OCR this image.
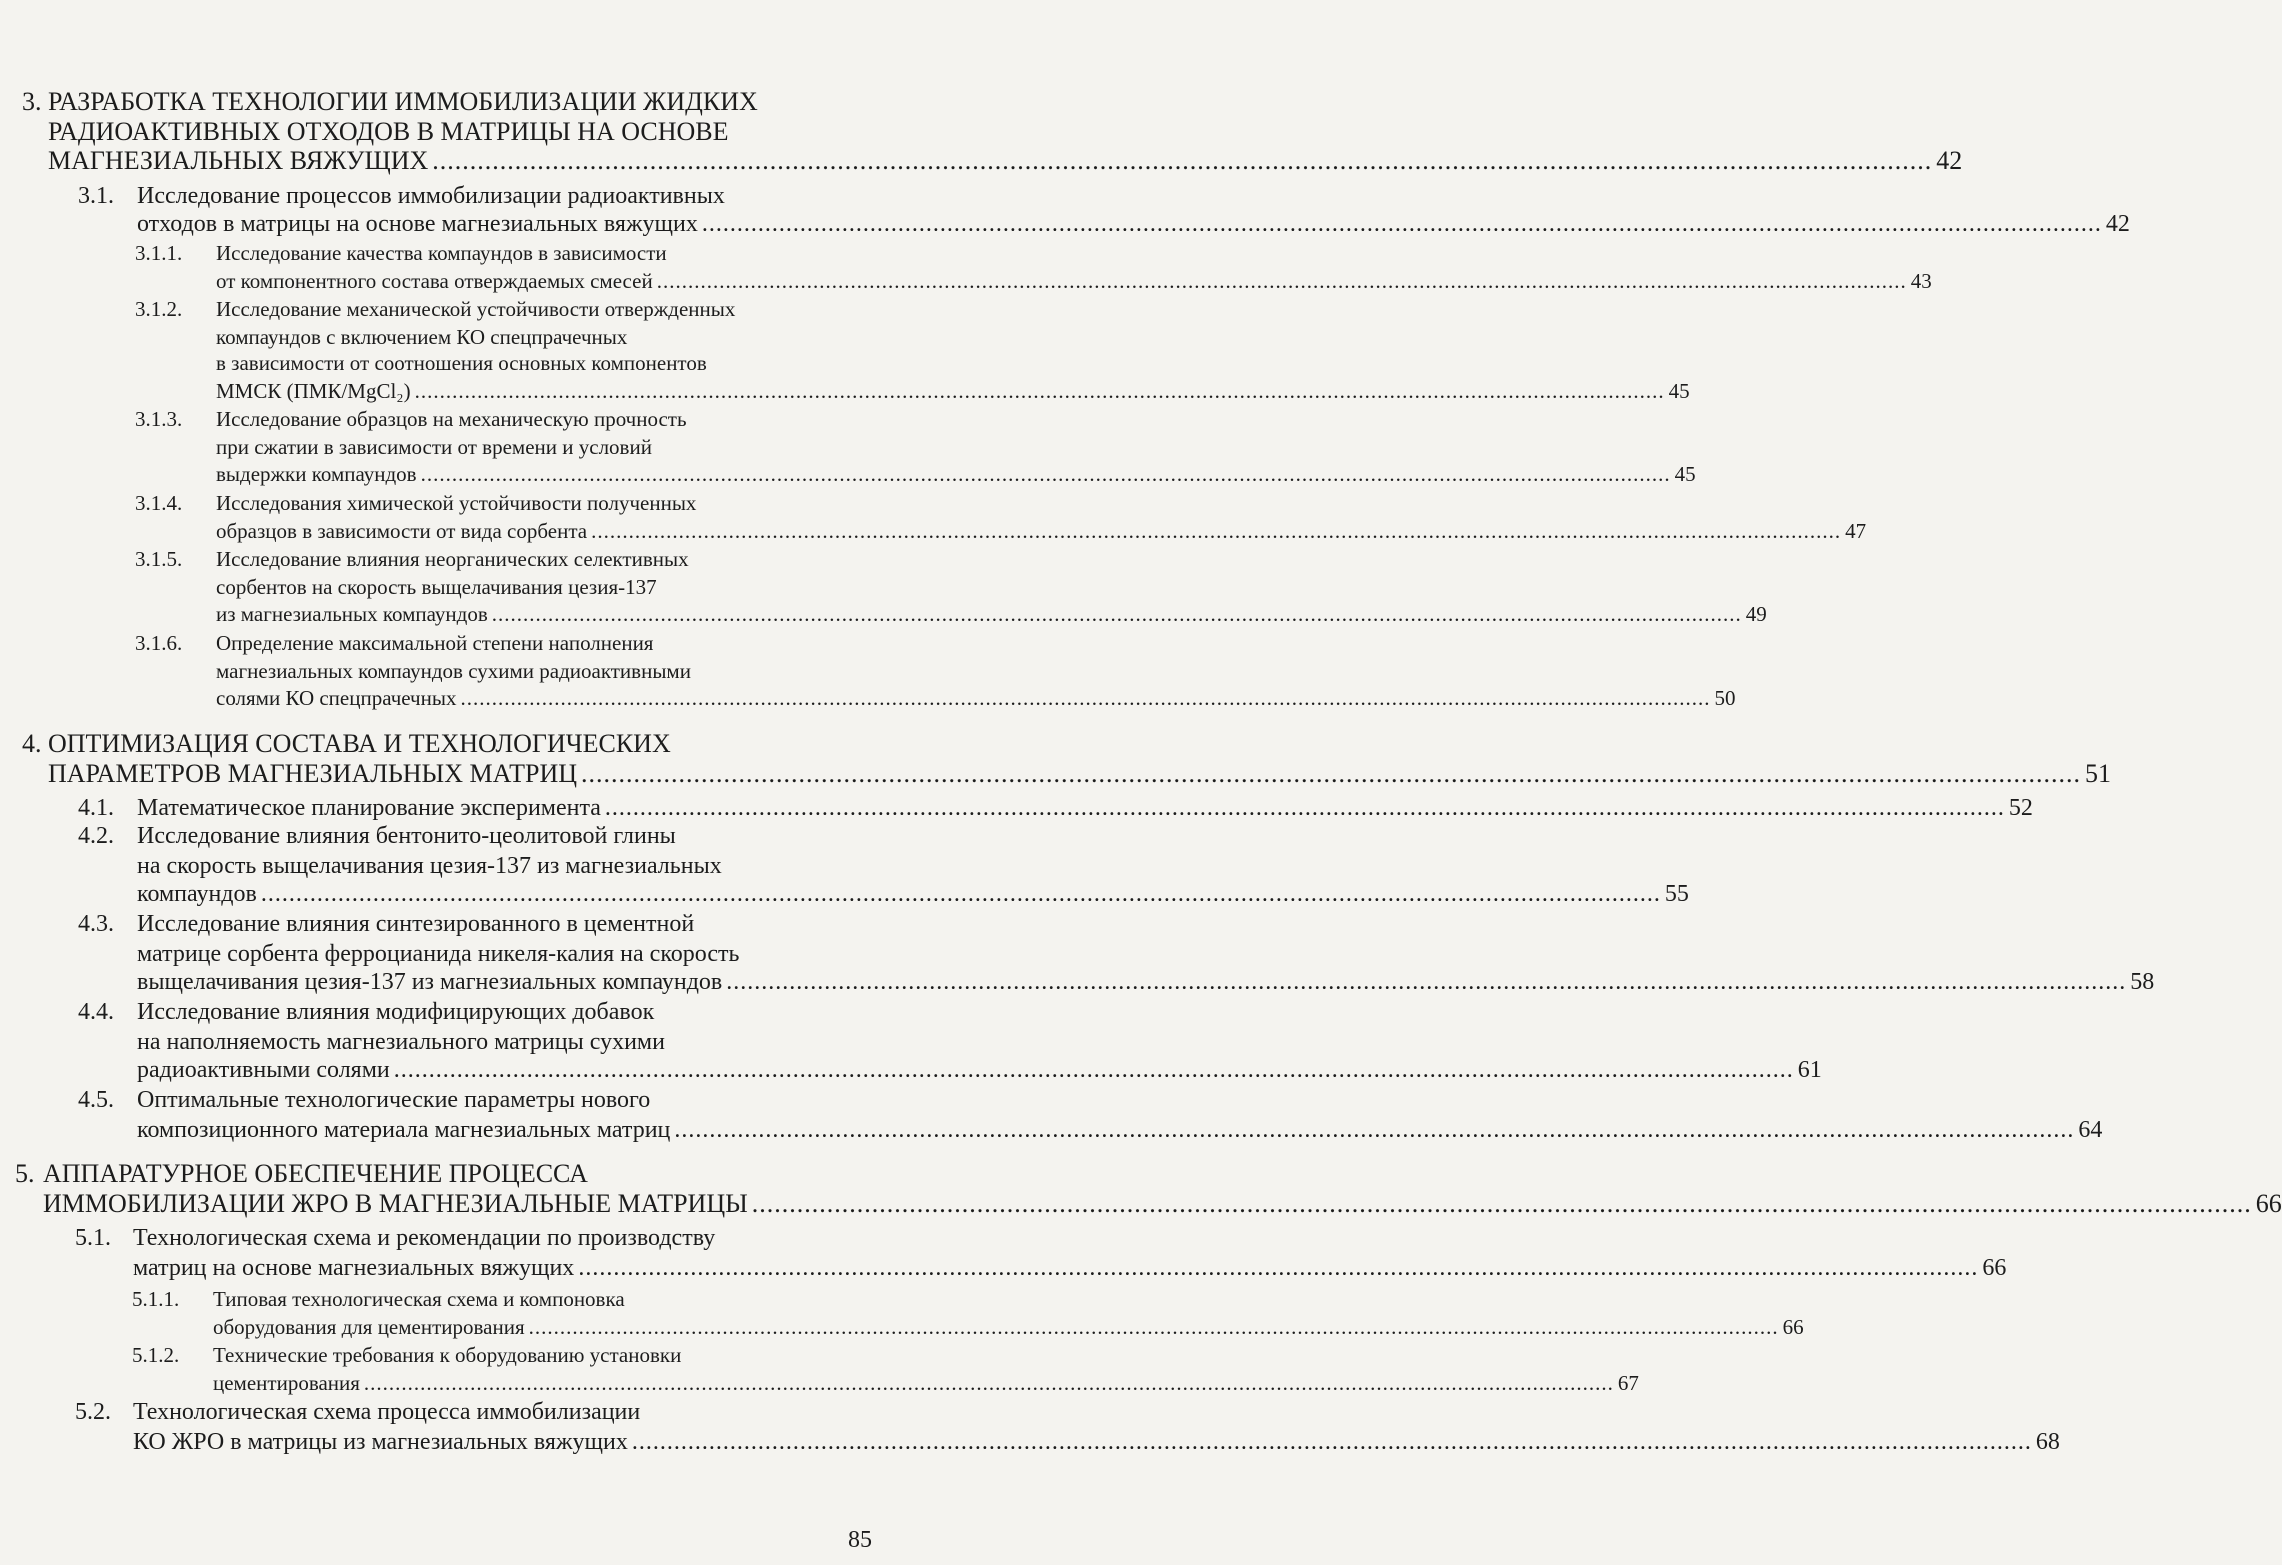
3. РАЗРАБОТКА ТЕХНОЛОГИИ ИММОБИЛИЗАЦИИ ЖИДКИХ
РАДИОАКТИВНЫХ ОТХОДОВ В МАТРИЦЫ НА ОСНОВЕ
МАГНЕЗИАЛЬНЫХ ВЯЖУЩИХ ........................................................................................................................................................................................................ 42
3.1. Исследование процессов иммобилизации радиоактивных
отходов в матрицы на основе магнезиальных вяжущих ........................................................................................................................................................................................................ 42
3.1.1. Исследование качества компаундов в зависимости
от компонентного состава отверждаемых смесей ........................................................................................................................................................................................................ 43
3.1.2. Исследование механической устойчивости отвержденных
компаундов с включением КО спецпрачечных
в зависимости от соотношения основных компонентов
ММСК (ПМК/MgCl₂) ........................................................................................................................................................................................................ 45
3.1.3. Исследование образцов на механическую прочность
при сжатии в зависимости от времени и условий
выдержки компаундов ........................................................................................................................................................................................................ 45
3.1.4. Исследования химической устойчивости полученных
образцов в зависимости от вида сорбента ........................................................................................................................................................................................................ 47
3.1.5. Исследование влияния неорганических селективных
сорбентов на скорость выщелачивания цезия-137
из магнезиальных компаундов ........................................................................................................................................................................................................ 49
3.1.6. Определение максимальной степени наполнения
магнезиальных компаундов сухими радиоактивными
солями КО спецпрачечных ........................................................................................................................................................................................................ 50
4. ОПТИМИЗАЦИЯ СОСТАВА И ТЕХНОЛОГИЧЕСКИХ
ПАРАМЕТРОВ МАГНЕЗИАЛЬНЫХ МАТРИЦ ........................................................................................................................................................................................................ 51
4.1. Математическое планирование эксперимента ........................................................................................................................................................................................................ 52
4.2. Исследование влияния бентонито-цеолитовой глины
на скорость выщелачивания цезия-137 из магнезиальных
компаундов ........................................................................................................................................................................................................ 55
4.3. Исследование влияния синтезированного в цементной
матрице сорбента ферроцианида никеля-калия на скорость
выщелачивания цезия-137 из магнезиальных компаундов ........................................................................................................................................................................................................ 58
4.4. Исследование влияния модифицирующих добавок
на наполняемость магнезиального матрицы сухими
радиоактивными солями ........................................................................................................................................................................................................ 61
4.5. Оптимальные технологические параметры нового
композиционного материала магнезиальных матриц ........................................................................................................................................................................................................ 64
5. АППАРАТУРНОЕ ОБЕСПЕЧЕНИЕ ПРОЦЕССА
ИММОБИЛИЗАЦИИ ЖРО В МАГНЕЗИАЛЬНЫЕ МАТРИЦЫ ........................................................................................................................................................................................................ 66
5.1. Технологическая схема и рекомендации по производству
матриц на основе магнезиальных вяжущих ........................................................................................................................................................................................................ 66
5.1.1. Типовая технологическая схема и компоновка
оборудования для цементирования ........................................................................................................................................................................................................ 66
5.1.2. Технические требования к оборудованию установки
цементирования ........................................................................................................................................................................................................ 67
5.2. Технологическая схема процесса иммобилизации
КО ЖРО в матрицы из магнезиальных вяжущих ........................................................................................................................................................................................................ 68
85
